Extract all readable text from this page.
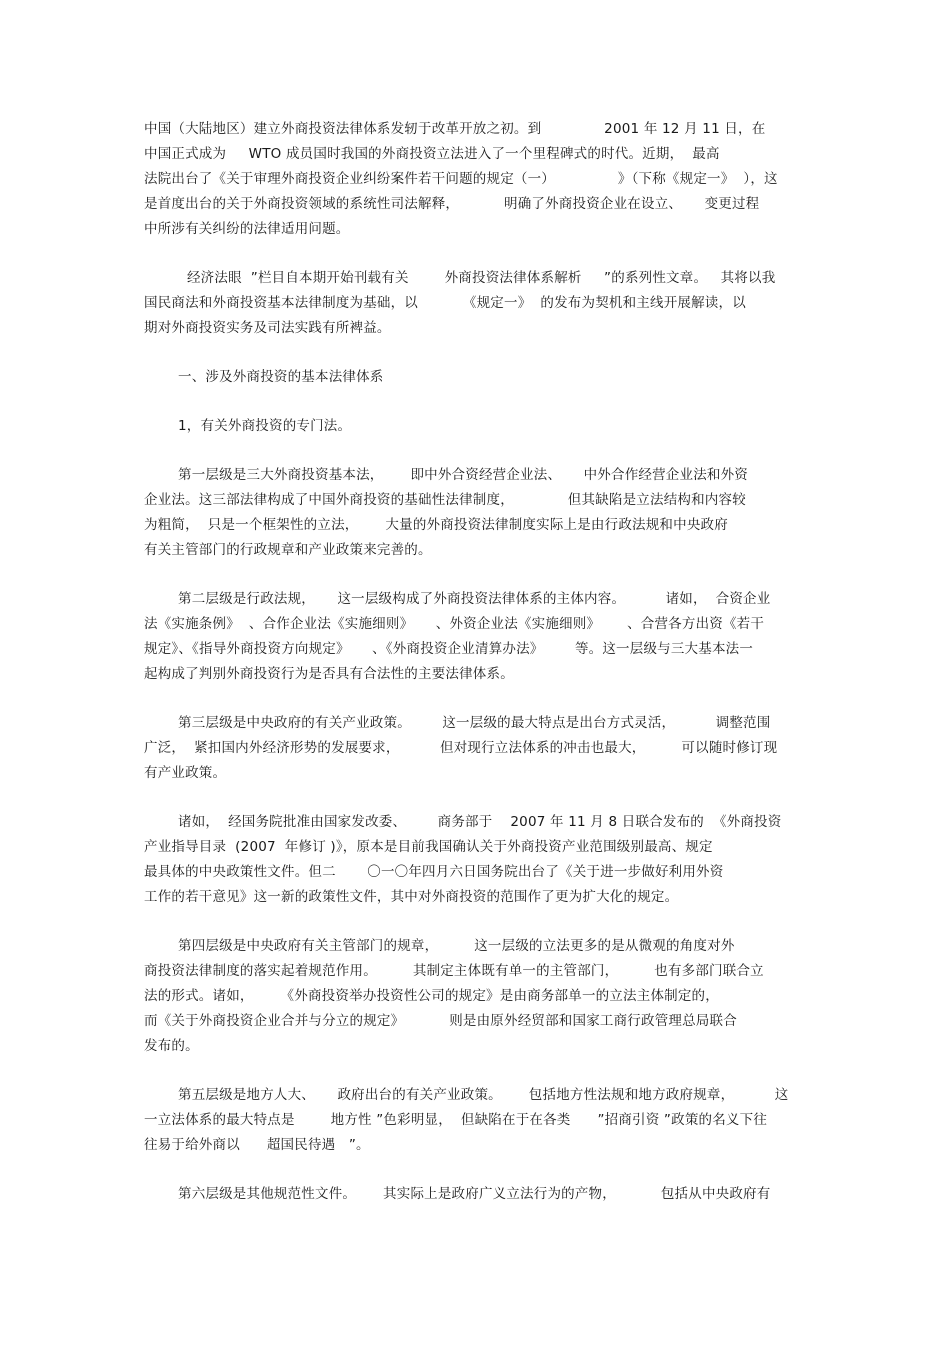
中国（大陆地区）建立外商投资法律体系发轫于改革开放之初。到              2001 年 12 月 11 日，在
中国正式成为     WTO 成员国时我国的外商投资立法进入了一个里程碑式的时代。近期，  最高
法院出台了《关于审理外商投资企业纠纷案件若干问题的规定（一）              》（下称《规定一》  ），这
是首度出台的关于外商投资领域的系统性司法解释，          明确了外商投资企业在设立、     变更过程
中所涉有关纠纷的法律适用问题。
经济法眼  ”栏目自本期开始刊载有关        外商投资法律体系解析     ”的系列性文章。   其将以我
国民商法和外商投资基本法律制度为基础，以          《规定一》  的发布为契机和主线开展解读，以
期对外商投资实务及司法实践有所裨益。
一、涉及外商投资的基本法律体系
1，有关外商投资的专门法。
第一层级是三大外商投资基本法，      即中外合资经营企业法、     中外合作经营企业法和外资
企业法。这三部法律构成了中国外商投资的基础性法律制度，            但其缺陷是立法结构和内容较
为粗简，  只是一个框架性的立法，      大量的外商投资法律制度实际上是由行政法规和中央政府
有关主管部门的行政规章和产业政策来完善的。
第二层级是行政法规，     这一层级构成了外商投资法律体系的主体内容。         诸如，  合资企业
法《实施条例》  、合作企业法《实施细则》     、外资企业法《实施细则》      、合营各方出资《若干
规定》、《指导外商投资方向规定》     、《外商投资企业清算办法》       等。这一层级与三大基本法一
起构成了判别外商投资行为是否具有合法性的主要法律体系。
第三层级是中央政府的有关产业政策。       这一层级的最大特点是出台方式灵活，         调整范围
广泛，  紧扣国内外经济形势的发展要求，         但对现行立法体系的冲击也最大，        可以随时修订现
有产业政策。
诸如，  经国务院批准由国家发改委、       商务部于    2007 年 11 月 8 日联合发布的  《外商投资
产业指导目录  (2007  年修订 )》，原本是目前我国确认关于外商投资产业范围级别最高、规定
最具体的中央政策性文件。但二       〇一〇年四月六日国务院出台了《关于进一步做好利用外资
工作的若干意见》这一新的政策性文件，其中对外商投资的范围作了更为扩大化的规定。
第四层级是中央政府有关主管部门的规章，        这一层级的立法更多的是从微观的角度对外
商投资法律制度的落实起着规范作用。        其制定主体既有单一的主管部门，        也有多部门联合立
法的形式。诸如，      《外商投资举办投资性公司的规定》是由商务部单一的立法主体制定的，
而《关于外商投资企业合并与分立的规定》          则是由原外经贸部和国家工商行政管理总局联合
发布的。
第五层级是地方人大、     政府出台的有关产业政策。      包括地方性法规和地方政府规章，         这
一立法体系的最大特点是        地方性 ”色彩明显，  但缺陷在于在各类      ”招商引资 ”政策的名义下往
往易于给外商以      超国民待遇   ”。
第六层级是其他规范性文件。      其实际上是政府广义立法行为的产物，          包括从中央政府有
